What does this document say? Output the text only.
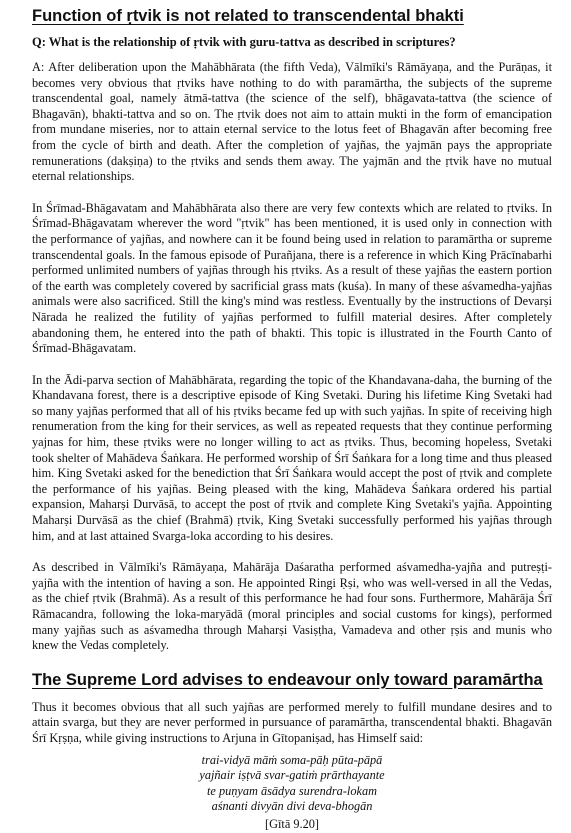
Function of ṛtvik is not related to transcendental bhakti

Q: What is the relationship of ṛtvik with guru-tattva as described in scriptures?

A: After deliberation upon the Mahābhārata (the fifth Veda), Vālmīki's Rāmāyaṇa, and the Purāṇas, it becomes very obvious that ṛtviks have nothing to do with paramārtha, the subjects of the supreme transcendental goal, namely ātmā-tattva (the science of the self), bhāgavata-tattva (the science of Bhagavān), bhakti-tattva and so on. The ṛtvik does not aim to attain mukti in the form of emancipation from mundane miseries, nor to attain eternal service to the lotus feet of Bhagavān after becoming free from the cycle of birth and death. After the completion of yajñas, the yajmān pays the appropriate remunerations (dakṣiṇa) to the ṛtviks and sends them away. The yajmān and the ṛtvik have no mutual eternal relationships.

In Śrīmad-Bhāgavatam and Mahābhārata also there are very few contexts which are related to ṛtviks. In Śrīmad-Bhāgavatam wherever the word "ṛtvik" has been mentioned, it is used only in connection with the performance of yajñas, and nowhere can it be found being used in relation to paramārtha or supreme transcendental goals. In the famous episode of Purañjana, there is a reference in which King Prācīnabarhi performed unlimited numbers of yajñas through his ṛtviks. As a result of these yajñas the eastern portion of the earth was completely covered by sacrificial grass mats (kuśa). In many of these aśvamedha-yajñas animals were also sacrificed. Still the king's mind was restless. Eventually by the instructions of Devarṣi Nārada he realized the futility of yajñas performed to fulfill material desires. After completely abandoning them, he entered into the path of bhakti. This topic is illustrated in the Fourth Canto of Śrīmad-Bhāgavatam.

In the Ādi-parva section of Mahābhārata, regarding the topic of the Khandavana-daha, the burning of the Khandavana forest, there is a descriptive episode of King Svetaki. During his lifetime King Svetaki had so many yajñas performed that all of his ṛtviks became fed up with such yajñas. In spite of receiving high renumeration from the king for their services, as well as repeated requests that they continue performing yajnas for him, these ṛtviks were no longer willing to act as ṛtviks. Thus, becoming hopeless, Svetaki took shelter of Mahādeva Śaṅkara. He performed worship of Śrī Śaṅkara for a long time and thus pleased him. King Svetaki asked for the benediction that Śrī Śaṅkara would accept the post of ṛtvik and complete the performance of his yajñas. Being pleased with the king, Mahādeva Śaṅkara ordered his partial expansion, Maharṣi Durvāsā, to accept the post of ṛtvik and complete King Svetaki's yajña. Appointing Maharṣi Durvāsā as the chief (Brahmā) ṛtvik, King Svetaki successfully performed his yajñas through him, and at last attained Svarga-loka according to his desires.

As described in Vālmīki's Rāmāyaṇa, Mahārāja Daśaratha performed aśvamedha-yajña and putreṣṭi-yajña with the intention of having a son. He appointed Ringi Ṛṣi, who was well-versed in all the Vedas, as the chief ṛtvik (Brahmā). As a result of this performance he had four sons. Furthermore, Mahārāja Śrī Rāmacandra, following the loka-maryādā (moral principles and social customs for kings), performed many yajñas such as aśvamedha through Maharṣi Vasiṣṭha, Vamadeva and other ṛṣis and munis who knew the Vedas completely.

The Supreme Lord advises to endeavour only toward paramārtha

Thus it becomes obvious that all such yajñas are performed merely to fulfill mundane desires and to attain svarga, but they are never performed in pursuance of paramārtha, transcendental bhakti. Bhagavān Śrī Kṛṣṇa, while giving instructions to Arjuna in Gītopaniṣad, has Himself said:

trai-vidyā māṁ soma-pāḥ pūta-pāpā
yajñair iṣṭvā svar-gatiṁ prārthayante
te puṇyam āsādya surendra-lokam
aśnanti divyān divi deva-bhogān
[Gītā 9.20]
